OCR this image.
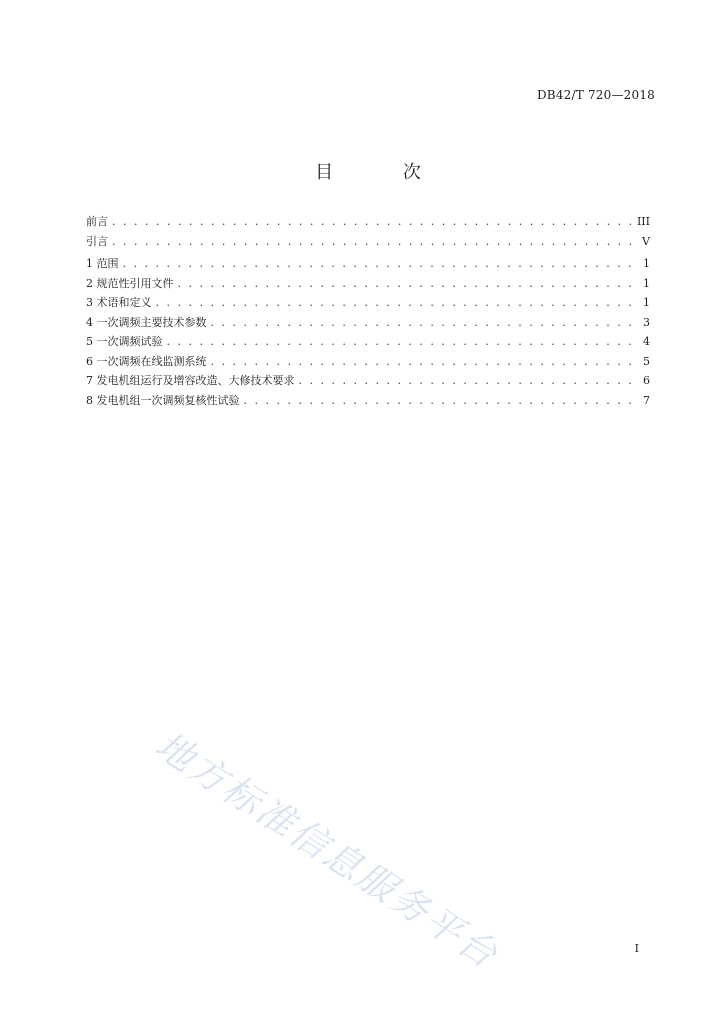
DB42/T 720—2018
目 次
前言 . . .	III
引言 . . .	V
1 范围 . . .	1
2 规范性引用文件 . . .	1
3 术语和定义 . . .	1
4 一次调频主要技术参数 . . .	3
5 一次调频试验 . . .	4
6 一次调频在线监测系统 . . .	5
7 发电机组运行及增容改造、大修技术要求 . . .	6
8 发电机组一次调频复核性试验 . . .	7
地方标准信息服务平台	I
